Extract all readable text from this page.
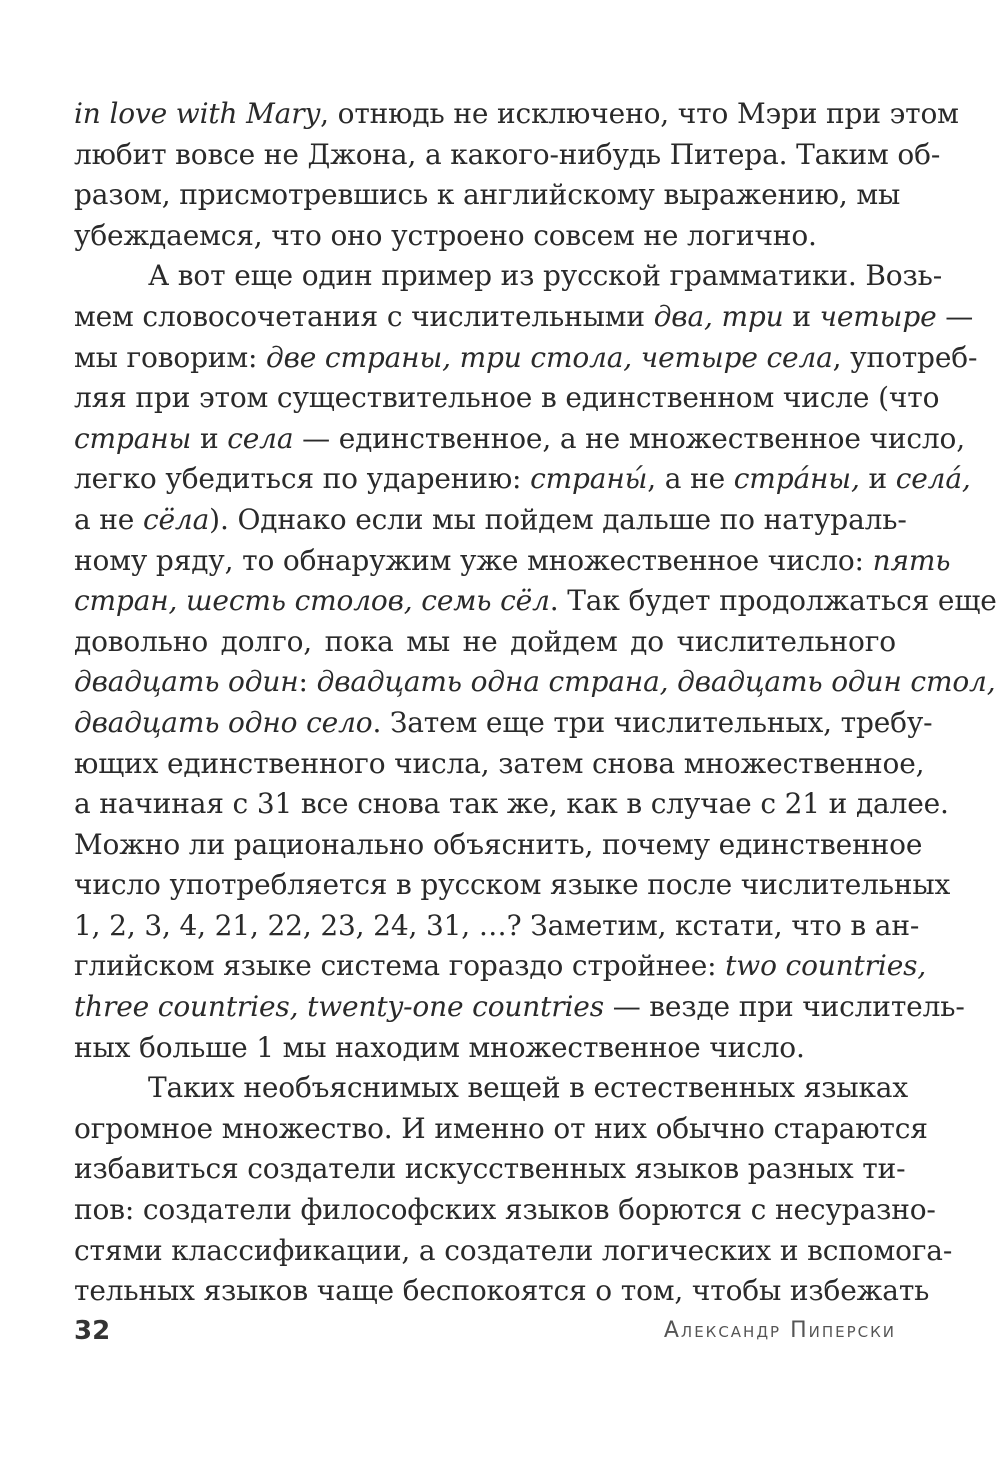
in love with Mary, отнюдь не исключено, что Мэри при этом
любит вовсе не Джона, а какого-нибудь Питера. Таким об-
разом, присмотревшись к английскому выражению, мы
убеждаемся, что оно устроено совсем не логично.
А вот еще один пример из русской грамматики. Возь-
мем словосочетания с числительными два, три и четыре —
мы говорим: две страны, три стола, четыре села, употреб-
ляя при этом существительное в единственном числе (что
страны и села — единственное, а не множественное число,
легко убедиться по ударению: страны́, а не стра́ны, и села́,
а не сёла). Однако если мы пойдем дальше по натураль-
ному ряду, то обнаружим уже множественное число: пять
стран, шесть столов, семь сёл. Так будет продолжаться еще
довольно долго, пока мы не дойдем до числительного
двадцать один: двадцать одна страна, двадцать один стол,
двадцать одно село. Затем еще три числительных, требу-
ющих единственного числа, затем снова множественное,
а начиная с 31 все снова так же, как в случае с 21 и далее.
Можно ли рационально объяснить, почему единственное
число употребляется в русском языке после числительных
1, 2, 3, 4, 21, 22, 23, 24, 31, …? Заметим, кстати, что в ан-
глийском языке система гораздо стройнее: two countries,
three countries, twenty-one countries — везде при числитель-
ных больше 1 мы находим множественное число.
Таких необъяснимых вещей в естественных языках
огромное множество. И именно от них обычно стараются
избавиться создатели искусственных языков разных ти-
пов: создатели философских языков борются с несуразно-
стями классификации, а создатели логических и вспомога-
тельных языков чаще беспокоятся о том, чтобы избежать
32	Александр Пиперски
